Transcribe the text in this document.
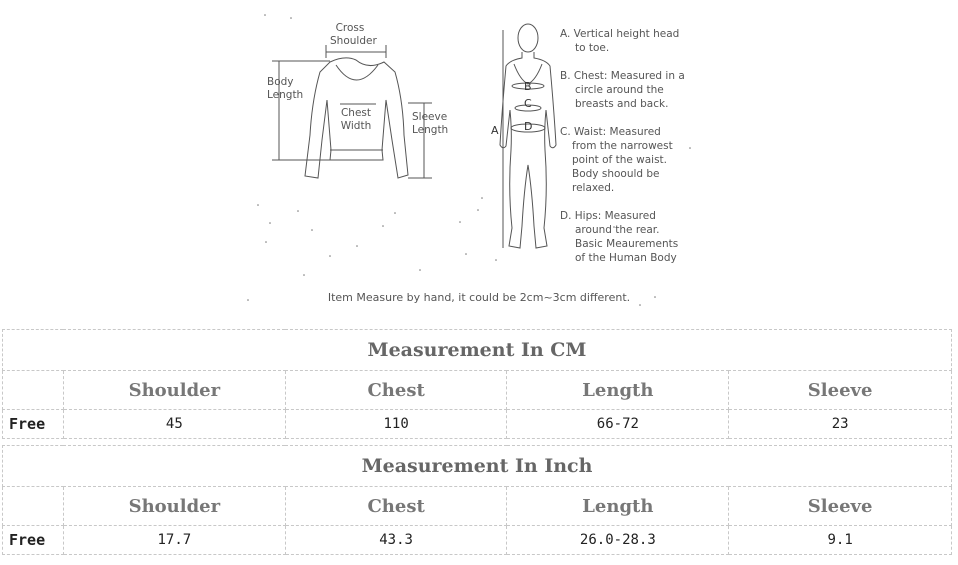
Cross
Shoulder
Body
Length
Chest
Width
Sleeve
Length	A
B
C
D
A. Vertical height head
to toe.
B. Chest: Measured in a
circle around the
breasts and back.
C. Waist: Measured
from the narrowest
point of the waist.
Body shoould be
relaxed.
D. Hips: Measured
around the rear.
Basic Meaurements
of the Human Body
Item Measure by hand, it could be 2cm~3cm different.
Measurement In CM				
	Shoulder	Chest	Length	Sleeve
Free	45	110	66-72	23
Measurement In Inch				
	Shoulder	Chest	Length	Sleeve
Free	17.7	43.3	26.0-28.3	9.1
